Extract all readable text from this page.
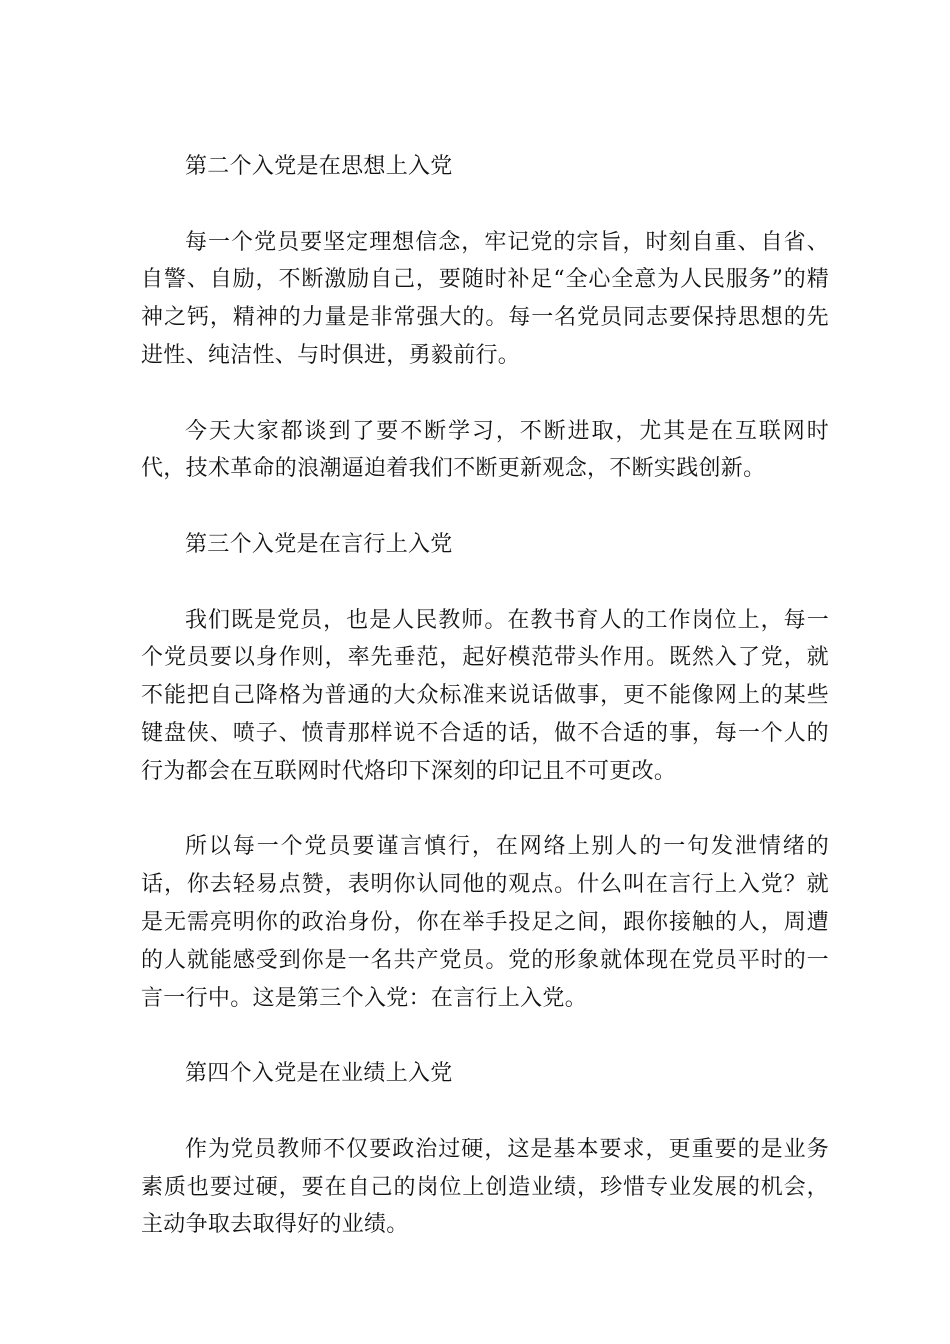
第二个入党是在思想上入党

每一个党员要坚定理想信念，牢记党的宗旨，时刻自重、自省、自警、自励，不断激励自己，要随时补足“全心全意为人民服务”的精神之钙，精神的力量是非常强大的。每一名党员同志要保持思想的先进性、纯洁性、与时俱进，勇毅前行。

今天大家都谈到了要不断学习，不断进取，尤其是在互联网时代，技术革命的浪潮逼迫着我们不断更新观念，不断实践创新。

第三个入党是在言行上入党

我们既是党员，也是人民教师。在教书育人的工作岗位上，每一个党员要以身作则，率先垂范，起好模范带头作用。既然入了党，就不能把自己降格为普通的大众标准来说话做事，更不能像网上的某些键盘侠、喷子、愤青那样说不合适的话，做不合适的事，每一个人的行为都会在互联网时代烙印下深刻的印记且不可更改。

所以每一个党员要谨言慎行，在网络上别人的一句发泄情绪的话，你去轻易点赞，表明你认同他的观点。什么叫在言行上入党？就是无需亮明你的政治身份，你在举手投足之间，跟你接触的人，周遭的人就能感受到你是一名共产党员。党的形象就体现在党员平时的一言一行中。这是第三个入党：在言行上入党。

第四个入党是在业绩上入党

作为党员教师不仅要政治过硬，这是基本要求，更重要的是业务素质也要过硬，要在自己的岗位上创造业绩，珍惜专业发展的机会，主动争取去取得好的业绩。
